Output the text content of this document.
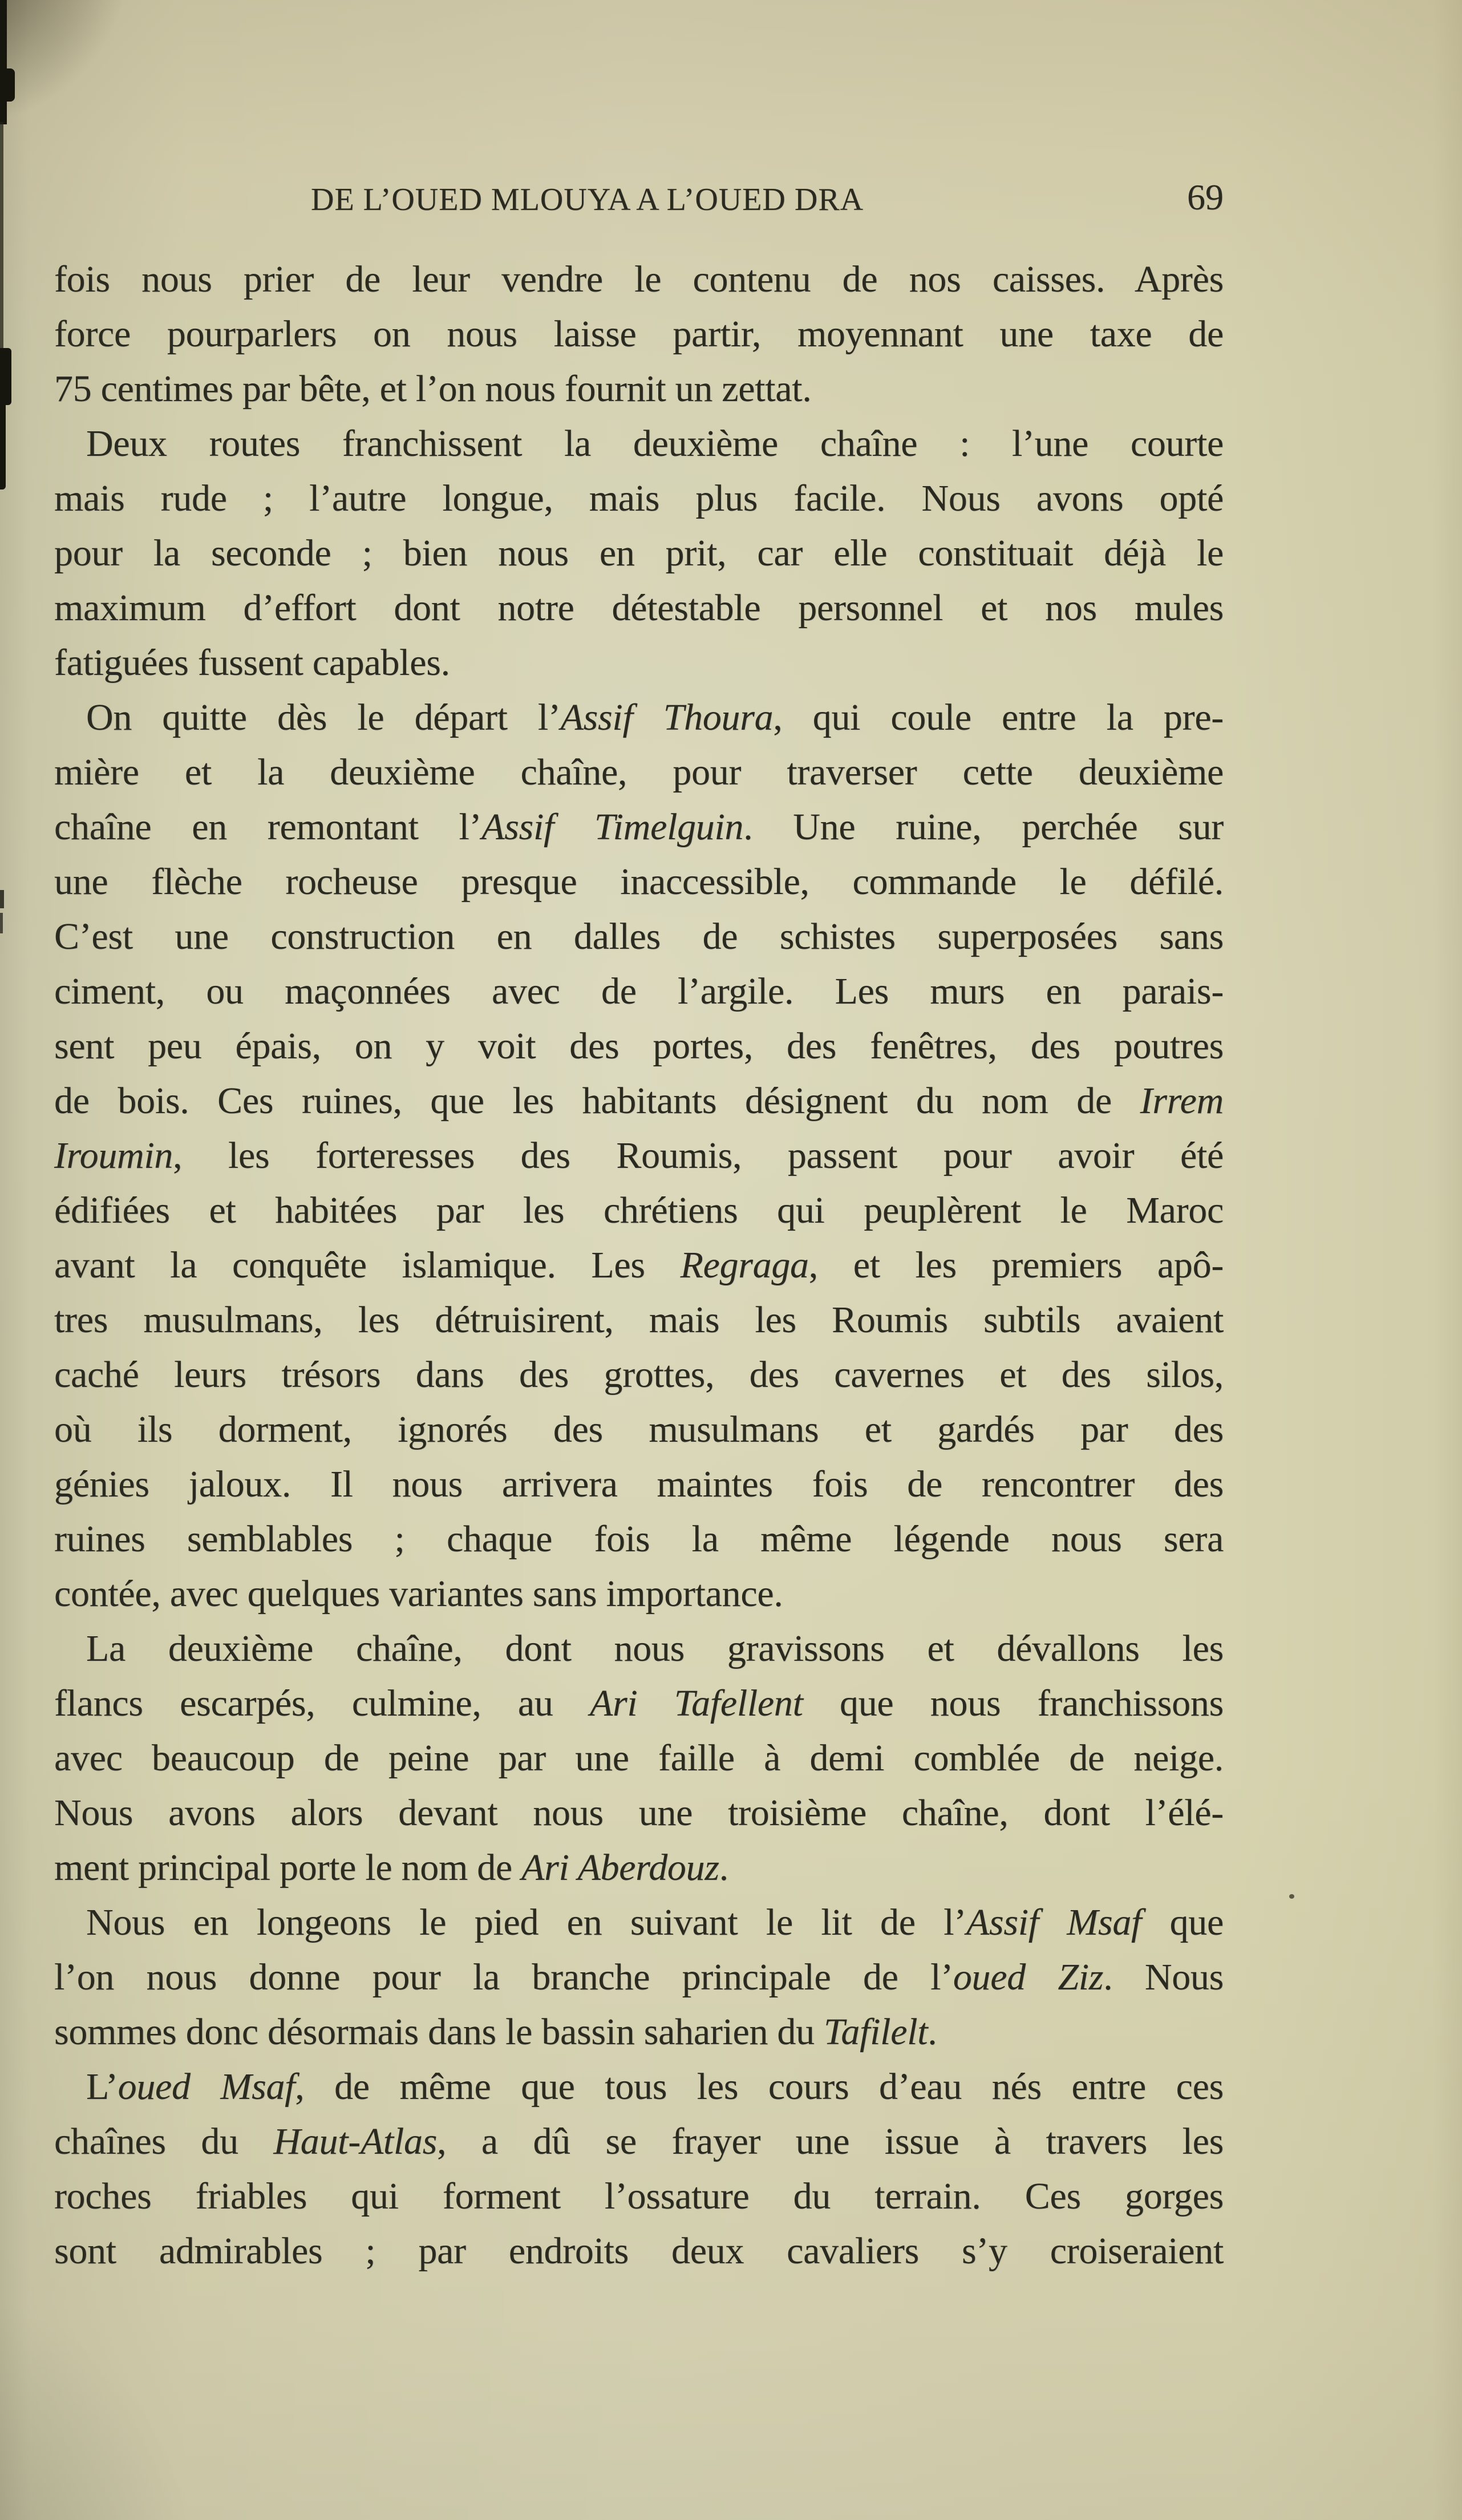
DE L’OUED MLOUYA A L’OUED DRA	69
fois nous prier de leur vendre le contenu de nos caisses. Après
force pourparlers on nous laisse partir, moyennant une taxe de
75 centimes par bête, et l’on nous fournit un zettat.
Deux routes franchissent la deuxième chaîne : l’une courte
mais rude ; l’autre longue, mais plus facile. Nous avons opté
pour la seconde ; bien nous en prit, car elle constituait déjà le
maximum d’effort dont notre détestable personnel et nos mules
fatiguées fussent capables.
On quitte dès le départ l’Assif Thoura, qui coule entre la pre-
mière et la deuxième chaîne, pour traverser cette deuxième
chaîne en remontant l’Assif Timelguin. Une ruine, perchée sur
une flèche rocheuse presque inaccessible, commande le défilé.
C’est une construction en dalles de schistes superposées sans
ciment, ou maçonnées avec de l’argile. Les murs en parais-
sent peu épais, on y voit des portes, des fenêtres, des poutres
de bois. Ces ruines, que les habitants désignent du nom de Irrem
Iroumin, les forteresses des Roumis, passent pour avoir été
édifiées et habitées par les chrétiens qui peuplèrent le Maroc
avant la conquête islamique. Les Regraga, et les premiers apô-
tres musulmans, les détruisirent, mais les Roumis subtils avaient
caché leurs trésors dans des grottes, des cavernes et des silos,
où ils dorment, ignorés des musulmans et gardés par des
génies jaloux. Il nous arrivera maintes fois de rencontrer des
ruines semblables ; chaque fois la même légende nous sera
contée, avec quelques variantes sans importance.
La deuxième chaîne, dont nous gravissons et dévallons les
flancs escarpés, culmine, au Ari Tafellent que nous franchissons
avec beaucoup de peine par une faille à demi comblée de neige.
Nous avons alors devant nous une troisième chaîne, dont l’élé-
ment principal porte le nom de Ari Aberdouz.
Nous en longeons le pied en suivant le lit de l’Assif Msaf que
l’on nous donne pour la branche principale de l’oued Ziz. Nous
sommes donc désormais dans le bassin saharien du Tafilelt.
L’oued Msaf, de même que tous les cours d’eau nés entre ces
chaînes du Haut-Atlas, a dû se frayer une issue à travers les
roches friables qui forment l’ossature du terrain. Ces gorges
sont admirables ; par endroits deux cavaliers s’y croiseraient
